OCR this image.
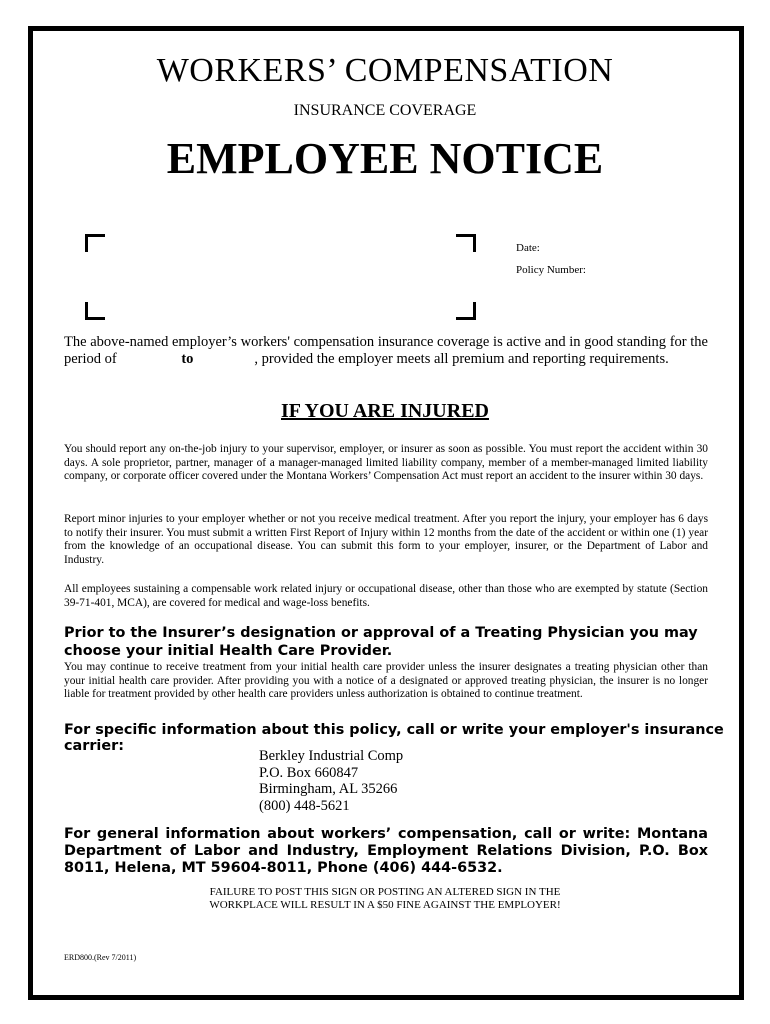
WORKERS’ COMPENSATION
INSURANCE COVERAGE
EMPLOYEE NOTICE
Date:
Policy Number:
The above-named employer’s workers' compensation insurance coverage is active and in good standing for the period of	to	, provided the employer meets all premium and reporting requirements.
IF YOU ARE INJURED
You should report any on-the-job injury to your supervisor, employer, or insurer as soon as possible. You must report the accident within 30 days. A sole proprietor, partner, manager of a manager-managed limited liability company, member of a member-managed limited liability company, or corporate officer covered under the Montana Workers’ Compensation Act must report an accident to the insurer within 30 days.
Report minor injuries to your employer whether or not you receive medical treatment. After you report the injury, your employer has 6 days to notify their insurer. You must submit a written First Report of Injury within 12 months from the date of the accident or within one (1) year from the knowledge of an occupational disease. You can submit this form to your employer, insurer, or the Department of Labor and Industry.
All employees sustaining a compensable work related injury or occupational disease, other than those who are exempted by statute (Section 39-71-401, MCA), are covered for medical and wage-loss benefits.
Prior to the Insurer’s designation or approval of a Treating Physician you may choose your initial Health Care Provider.
You may continue to receive treatment from your initial health care provider unless the insurer designates a treating physician other than your initial health care provider. After providing you with a notice of a designated or approved treating physician, the insurer is no longer liable for treatment provided by other health care providers unless authorization is obtained to continue treatment.
For specific information about this policy, call or write your employer's insurance carrier:
Berkley Industrial Comp
P.O. Box 660847
Birmingham, AL 35266
(800) 448-5621
For general information about workers’ compensation, call or write: Montana Department of Labor and Industry, Employment Relations Division, P.O. Box 8011, Helena, MT 59604-8011, Phone (406) 444-6532.
FAILURE TO POST THIS SIGN OR POSTING AN ALTERED SIGN IN THE
WORKPLACE WILL RESULT IN A $50 FINE AGAINST THE EMPLOYER!
ERD800.(Rev 7/2011)
